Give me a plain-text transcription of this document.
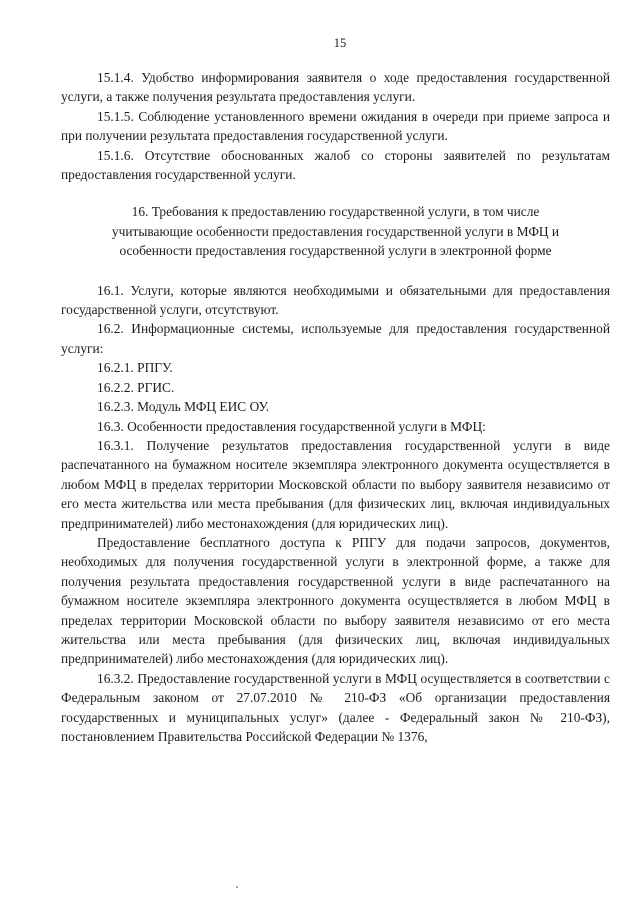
15

15.1.4. Удобство информирования заявителя о ходе предоставления государственной услуги, а также получения результата предоставления услуги.

15.1.5. Соблюдение установленного времени ожидания в очереди при приеме запроса и при получении результата предоставления государственной услуги.

15.1.6. Отсутствие обоснованных жалоб со стороны заявителей по результатам предоставления государственной услуги.

16. Требования к предоставлению государственной услуги, в том числе
учитывающие особенности предоставления государственной услуги в МФЦ и
особенности предоставления государственной услуги в электронной форме

16.1. Услуги, которые являются необходимыми и обязательными для предоставления государственной услуги, отсутствуют.

16.2. Информационные системы, используемые для предоставления государственной услуги:

16.2.1. РПГУ.

16.2.2. РГИС.

16.2.3. Модуль МФЦ ЕИС ОУ.

16.3. Особенности предоставления государственной услуги в МФЦ:

16.3.1. Получение результатов предоставления государственной услуги в виде распечатанного на бумажном носителе экземпляра электронного документа осуществляется в любом МФЦ в пределах территории Московской области по выбору заявителя независимо от его места жительства или места пребывания (для физических лиц, включая индивидуальных предпринимателей) либо местонахождения (для юридических лиц).

Предоставление бесплатного доступа к РПГУ для подачи запросов, документов, необходимых для получения государственной услуги в электронной форме, а также для получения результата предоставления государственной услуги в виде распечатанного на бумажном носителе экземпляра электронного документа осуществляется в любом МФЦ в пределах территории Московской области по выбору заявителя независимо от его места жительства или места пребывания (для физических лиц, включая индивидуальных предпринимателей) либо местонахождения (для юридических лиц).

16.3.2. Предоставление государственной услуги в МФЦ осуществляется в соответствии с Федеральным законом от 27.07.2010 № 210-ФЗ «Об организации предоставления государственных и муниципальных услуг» (далее - Федеральный закон № 210-ФЗ), постановлением Правительства Российской Федерации № 1376,
